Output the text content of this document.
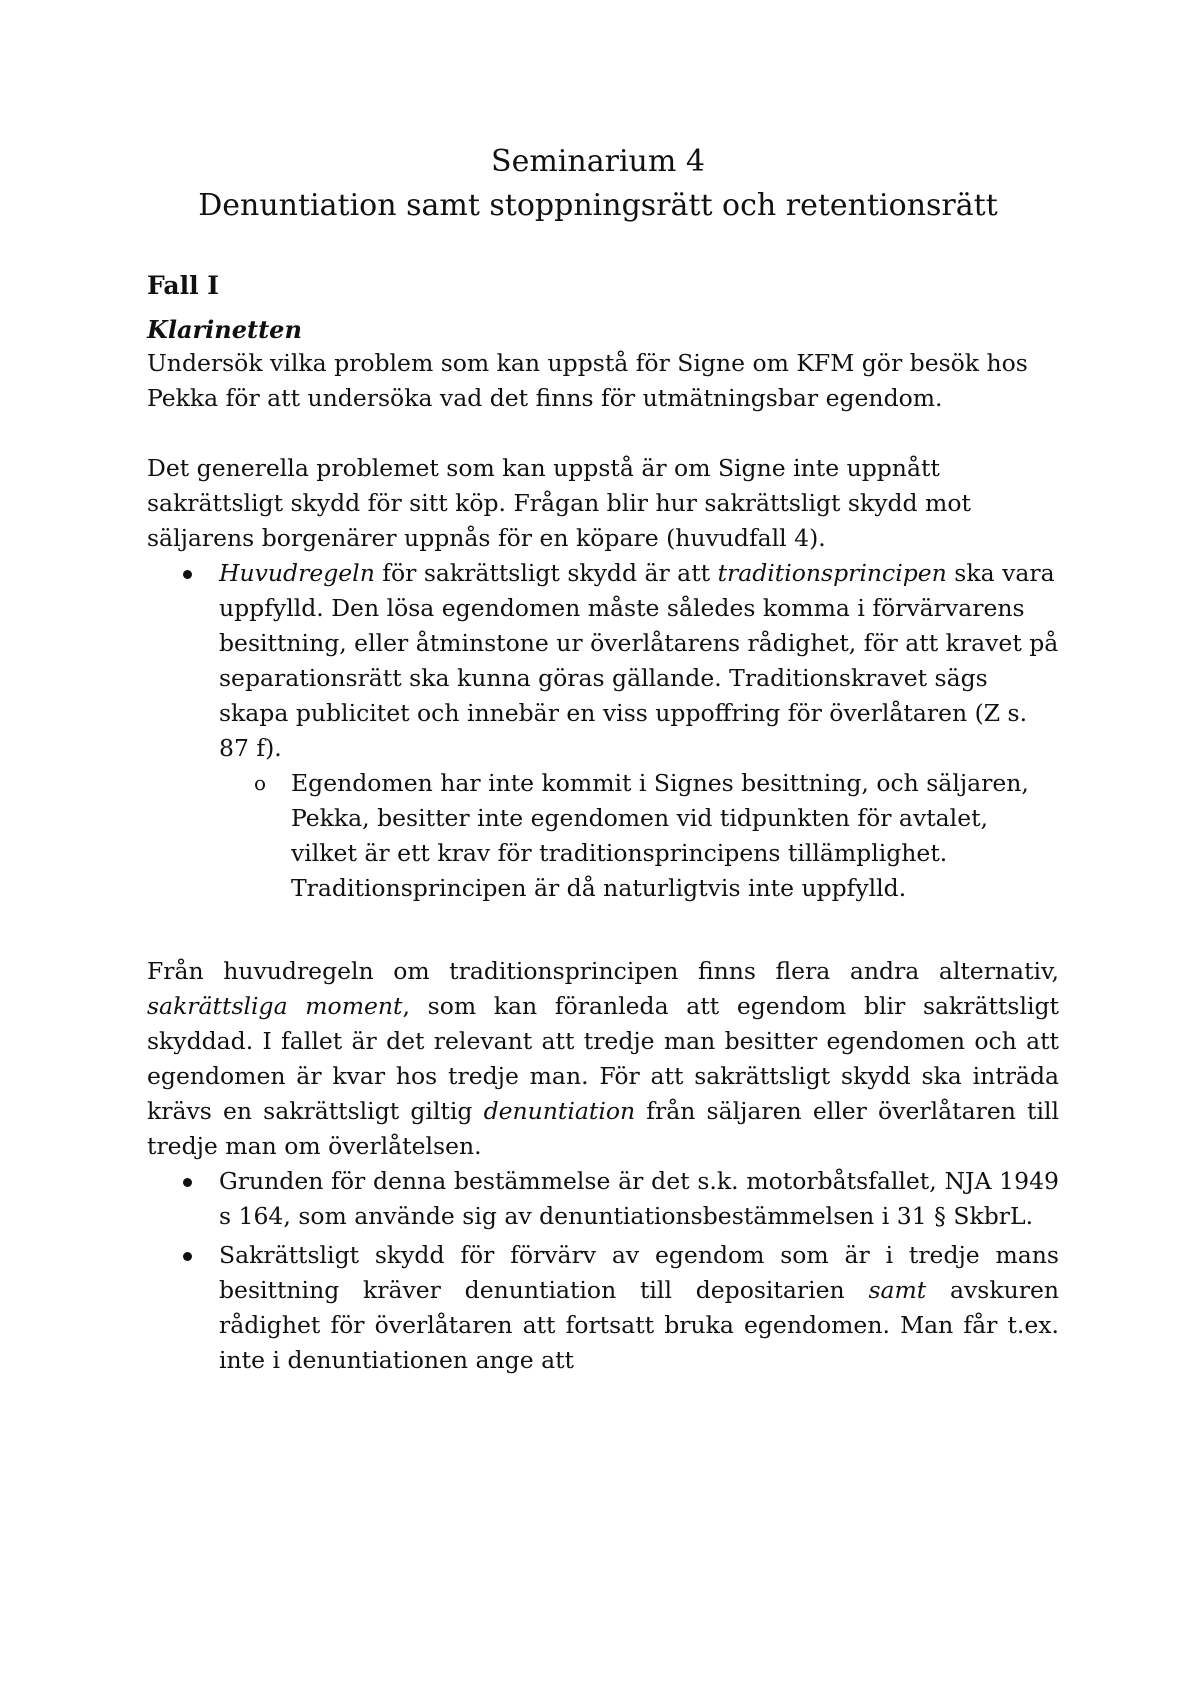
Seminarium 4
Denuntiation samt stoppningsrätt och retentionsrätt
Fall I
Klarinetten

Undersök vilka problem som kan uppstå för Signe om KFM gör besök hos Pekka för att undersöka vad det finns för utmätningsbar egendom.

Det generella problemet som kan uppstå är om Signe inte uppnått sakrättsligt skydd för sitt köp. Frågan blir hur sakrättsligt skydd mot säljarens borgenärer uppnås för en köpare (huvudfall 4).

Huvudregeln för sakrättsligt skydd är att traditionsprincipen ska vara uppfylld. Den lösa egendomen måste således komma i förvärvarens besittning, eller åtminstone ur överlåtarens rådighet, för att kravet på separationsrätt ska kunna göras gällande. Traditionskravet sägs skapa publicitet och innebär en viss uppoffring för överlåtaren (Z s. 87 f).
o Egendomen har inte kommit i Signes besittning, och säljaren, Pekka, besitter inte egendomen vid tidpunkten för avtalet, vilket är ett krav för traditionsprincipens tillämplighet. Traditionsprincipen är då naturligtvis inte uppfylld.

Från huvudregeln om traditionsprincipen finns flera andra alternativ, sakrättsliga moment, som kan föranleda att egendom blir sakrättsligt skyddad. I fallet är det relevant att tredje man besitter egendomen och att egendomen är kvar hos tredje man. För att sakrättsligt skydd ska inträda krävs en sakrättsligt giltig denuntiation från säljaren eller överlåtaren till tredje man om överlåtelsen.

Grunden för denna bestämmelse är det s.k. motorbåtsfallet, NJA 1949 s 164, som använde sig av denuntiationsbestämmelsen i 31 § SkbrL.
Sakrättsligt skydd för förvärv av egendom som är i tredje mans besittning kräver denuntiation till depositarien samt avskuren rådighet för överlåtaren att fortsatt bruka egendomen. Man får t.ex. inte i denuntiationen ange att
